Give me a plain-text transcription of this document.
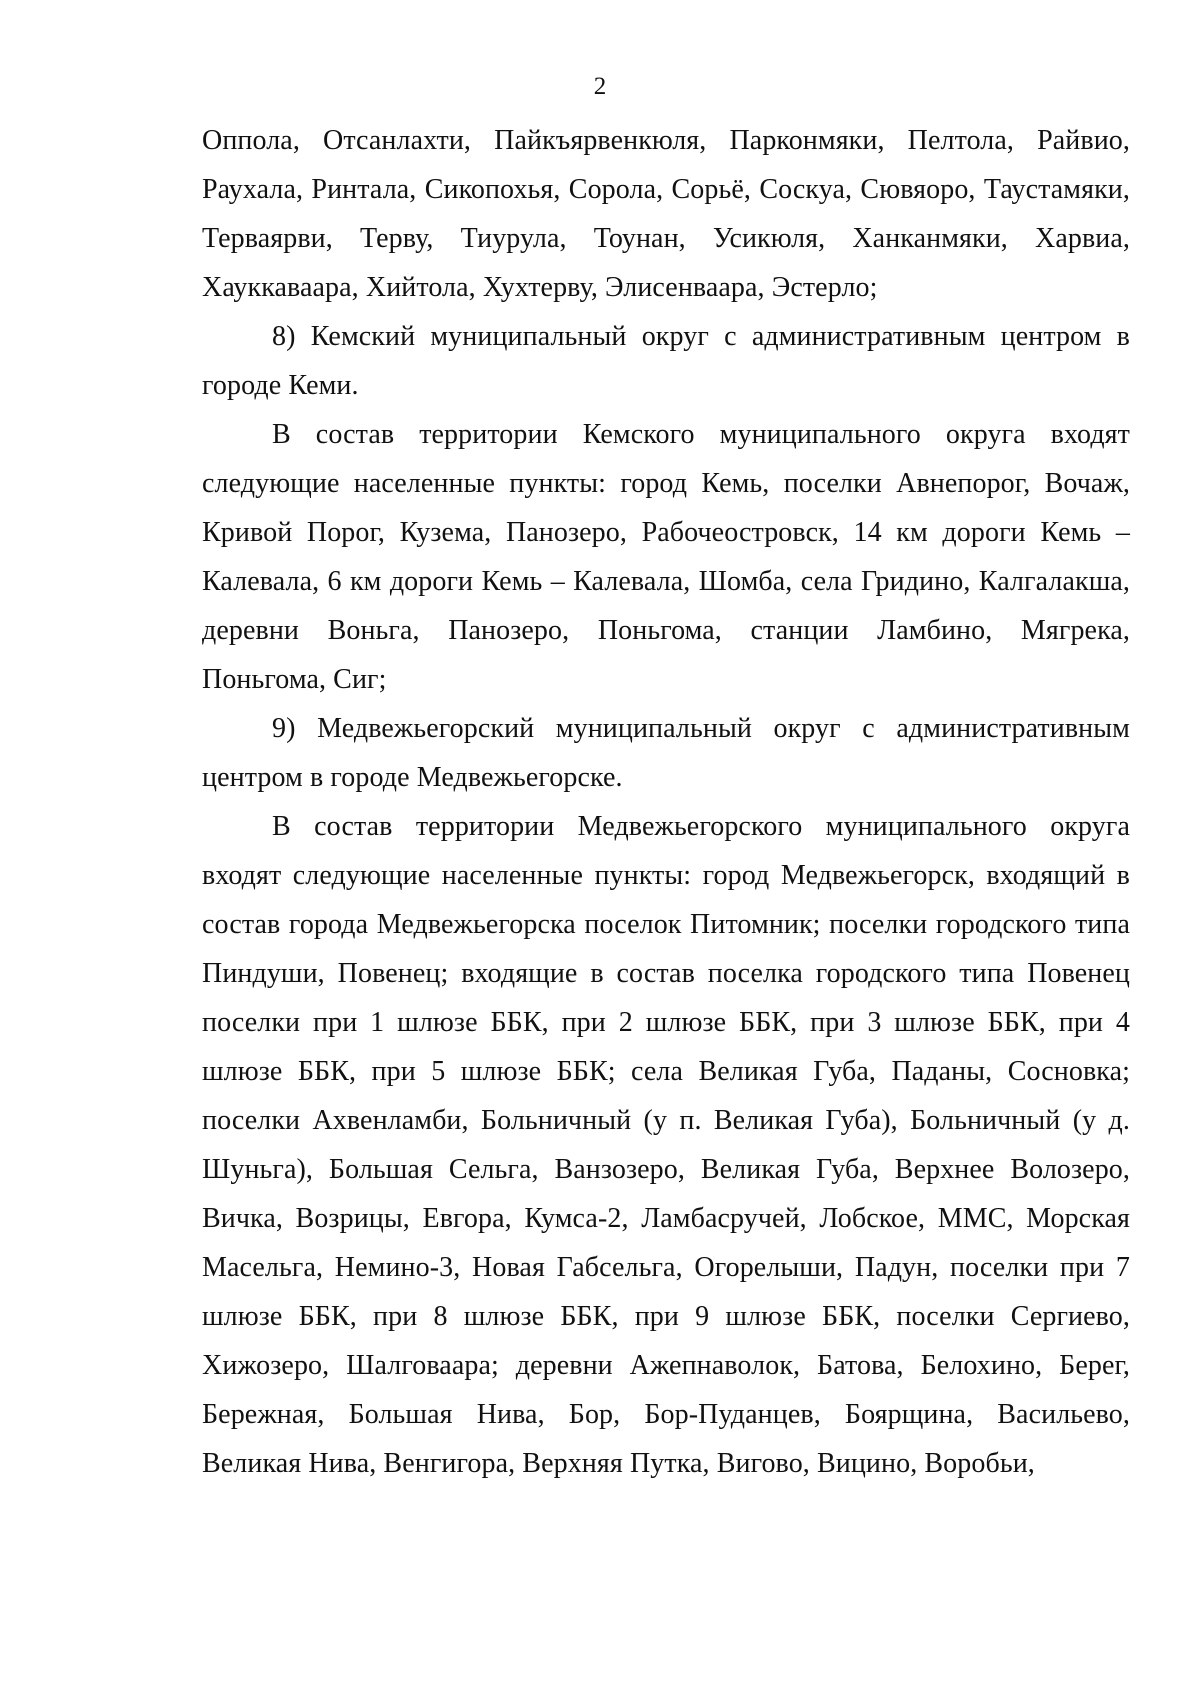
2

Оппола, Отсанлахти, Пайкъярвенкюля, Парконмяки, Пелтола, Райвио, Раухала, Ринтала, Сикопохья, Сорола, Сорьё, Соскуа, Сювяоро, Таустамяки, Терваярви, Терву, Тиурула, Тоунан, Усикюля, Ханканмяки, Харвиа, Хауккаваара, Хийтола, Хухтерву, Элисенваара, Эстерло;

8) Кемский муниципальный округ с административным центром в городе Кеми.

В состав территории Кемского муниципального округа входят следующие населенные пункты: город Кемь, поселки Авнепорог, Вочаж, Кривой Порог, Кузема, Панозеро, Рабочеостровск, 14 км дороги Кемь – Калевала, 6 км дороги Кемь – Калевала, Шомба, села Гридино, Калгалакша, деревни Воньга, Панозеро, Поньгома, станции Ламбино, Мягрека, Поньгома, Сиг;

9) Медвежьегорский муниципальный округ с административным центром в городе Медвежьегорске.

В состав территории Медвежьегорского муниципального округа входят следующие населенные пункты: город Медвежьегорск, входящий в состав города Медвежьегорска поселок Питомник; поселки городского типа Пиндуши, Повенец; входящие в состав поселка городского типа Повенец поселки при 1 шлюзе ББК, при 2 шлюзе ББК, при 3 шлюзе ББК, при 4 шлюзе ББК, при 5 шлюзе ББК; села Великая Губа, Паданы, Сосновка; поселки Ахвенламби, Больничный (у п. Великая Губа), Больничный (у д. Шуньга), Большая Сельга, Ванзозеро, Великая Губа, Верхнее Волозеро, Вичка, Возрицы, Евгора, Кумса-2, Ламбасручей, Лобское, ММС, Морская Масельга, Немино-3, Новая Габсельга, Огорелыши, Падун, поселки при 7 шлюзе ББК, при 8 шлюзе ББК, при 9 шлюзе ББК, поселки Сергиево, Хижозеро, Шалговаара; деревни Ажепнаволок, Батова, Белохино, Берег, Бережная, Большая Нива, Бор, Бор-Пуданцев, Боярщина, Васильево, Великая Нива, Венгигора, Верхняя Путка, Вигово, Вицино, Воробьи,
